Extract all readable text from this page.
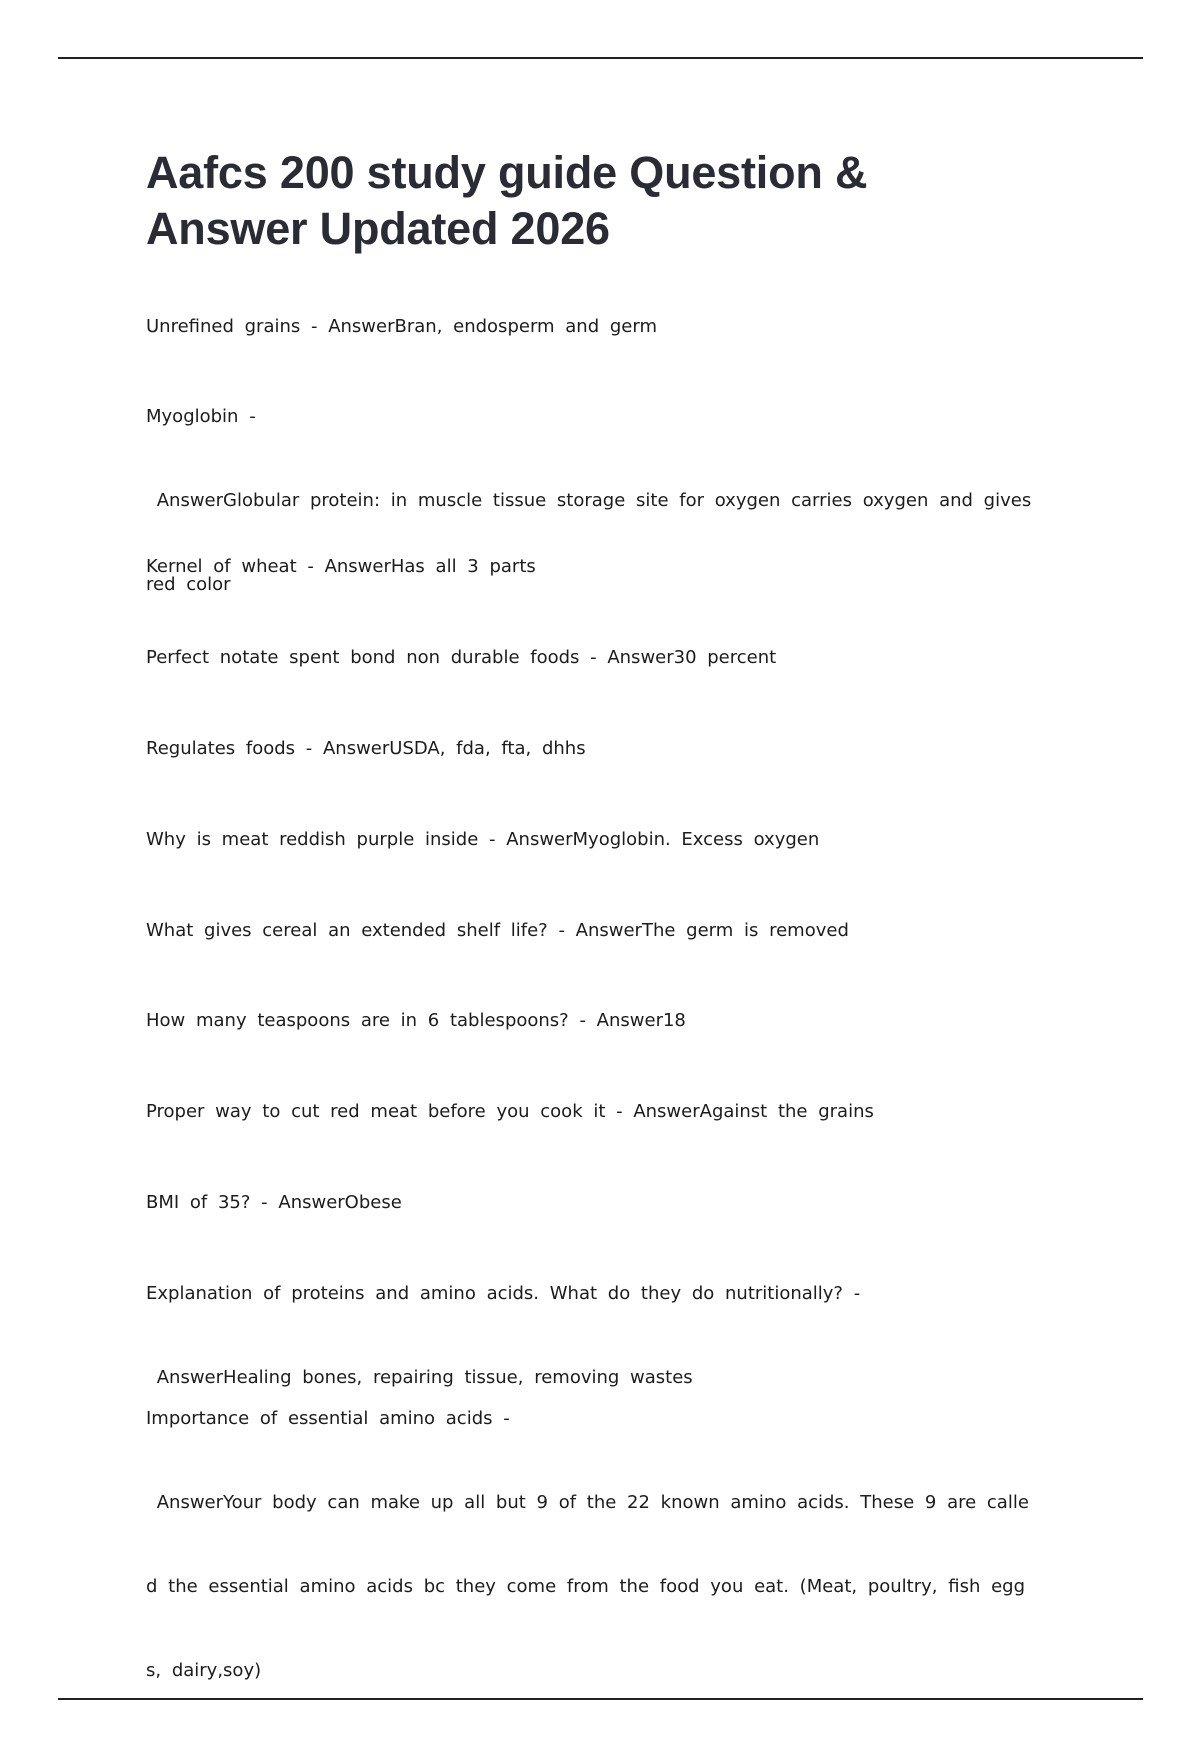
Aafcs 200 study guide Question &
Answer Updated 2026

Unrefined grains - AnswerBran, endosperm and germ

Myoglobin -

AnswerGlobular protein: in muscle tissue storage site for oxygen carries oxygen and gives

red color

Kernel of wheat - AnswerHas all 3 parts

Perfect notate spent bond non durable foods - Answer30 percent

Regulates foods - AnswerUSDA, fda, fta, dhhs

Why is meat reddish purple inside - AnswerMyoglobin. Excess oxygen

What gives cereal an extended shelf life? - AnswerThe germ is removed

How many teaspoons are in 6 tablespoons? - Answer18

Proper way to cut red meat before you cook it - AnswerAgainst the grains

BMI of 35? - AnswerObese

Explanation of proteins and amino acids. What do they do nutritionally? -

AnswerHealing bones, repairing tissue, removing wastes

Importance of essential amino acids -

AnswerYour body can make up all but 9 of the 22 known amino acids. These 9 are calle

d the essential amino acids bc they come from the food you eat. (Meat, poultry, fish egg

s, dairy,soy)
